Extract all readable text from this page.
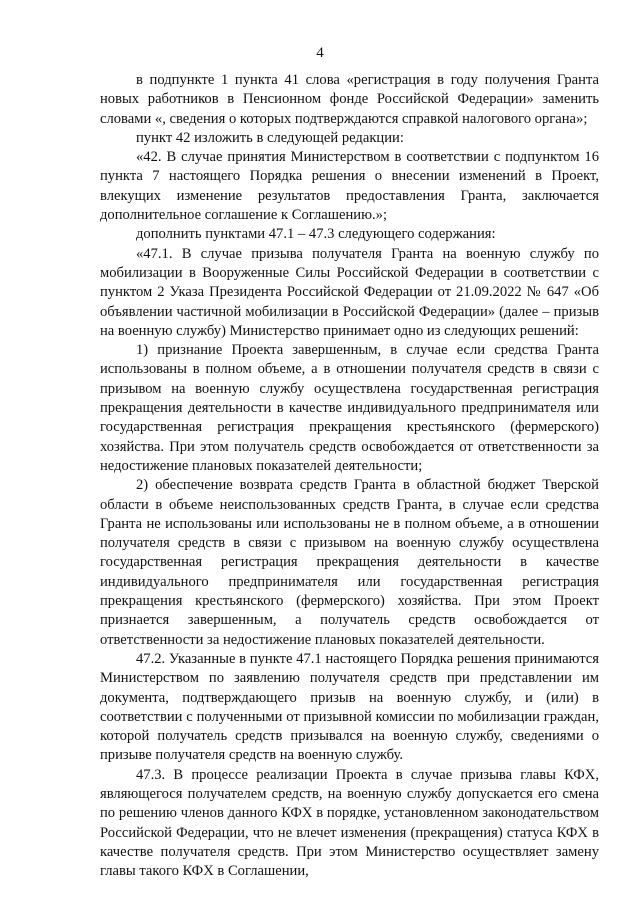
4

в подпункте 1 пункта 41 слова «регистрация в году получения Гранта новых работников в Пенсионном фонде Российской Федерации» заменить словами «, сведения о которых подтверждаются справкой налогового органа»;

пункт 42 изложить в следующей редакции:

«42. В случае принятия Министерством в соответствии с подпунктом 16 пункта 7 настоящего Порядка решения о внесении изменений в Проект, влекущих изменение результатов предоставления Гранта, заключается дополнительное соглашение к Соглашению.»;

дополнить пунктами 47.1 – 47.3 следующего содержания:

«47.1. В случае призыва получателя Гранта на военную службу по мобилизации в Вооруженные Силы Российской Федерации в соответствии с пунктом 2 Указа Президента Российской Федерации от 21.09.2022 № 647 «Об объявлении частичной мобилизации в Российской Федерации» (далее – призыв на военную службу) Министерство принимает одно из следующих решений:

1) признание Проекта завершенным, в случае если средства Гранта использованы в полном объеме, а в отношении получателя средств в связи с призывом на военную службу осуществлена государственная регистрация прекращения деятельности в качестве индивидуального предпринимателя или государственная регистрация прекращения крестьянского (фермерского) хозяйства. При этом получатель средств освобождается от ответственности за недостижение плановых показателей деятельности;

2) обеспечение возврата средств Гранта в областной бюджет Тверской области в объеме неиспользованных средств Гранта, в случае если средства Гранта не использованы или использованы не в полном объеме, а в отношении получателя средств в связи с призывом на военную службу осуществлена государственная регистрация прекращения деятельности в качестве индивидуального предпринимателя или государственная регистрация прекращения крестьянского (фермерского) хозяйства. При этом Проект признается завершенным, а получатель средств освобождается от ответственности за недостижение плановых показателей деятельности.

47.2. Указанные в пункте 47.1 настоящего Порядка решения принимаются Министерством по заявлению получателя средств при представлении им документа, подтверждающего призыв на военную службу, и (или) в соответствии с полученными от призывной комиссии по мобилизации граждан, которой получатель средств призывался на военную службу, сведениями о призыве получателя средств на военную службу.

47.3. В процессе реализации Проекта в случае призыва главы КФХ, являющегося получателем средств, на военную службу допускается его смена по решению членов данного КФХ в порядке, установленном законодательством Российской Федерации, что не влечет изменения (прекращения) статуса КФХ в качестве получателя средств. При этом Министерство осуществляет замену главы такого КФХ в Соглашении,
